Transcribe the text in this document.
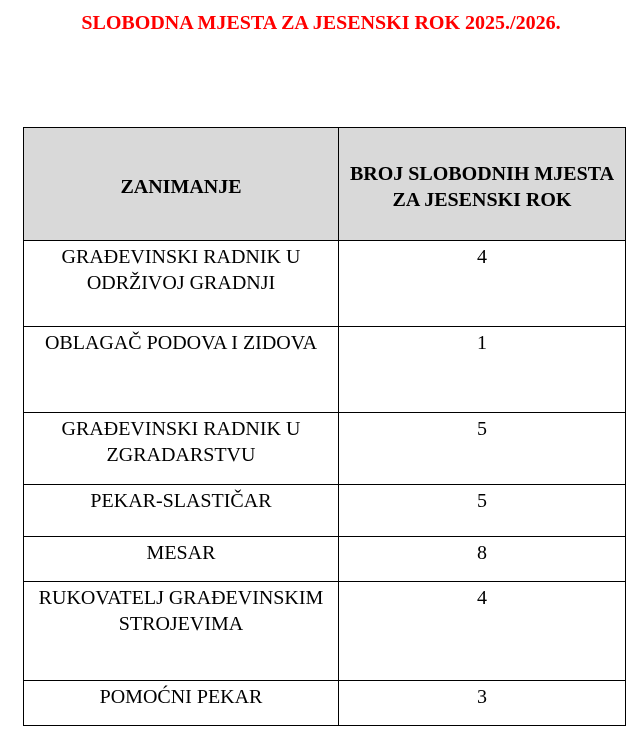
SLOBODNA MJESTA ZA JESENSKI ROK 2025./2026.
ZANIMANJE	BROJ SLOBODNIH MJESTA ZA JESENSKI ROK
GRAĐEVINSKI RADNIK U ODRŽIVOJ GRADNJI	4
OBLAGAČ PODOVA I ZIDOVA	1
GRAĐEVINSKI RADNIK U ZGRADARSTVU	5
PEKAR-SLASTIČAR	5
MESAR	8
RUKOVATELJ GRAĐEVINSKIM STROJEVIMA	4
POMOĆNI PEKAR	3
